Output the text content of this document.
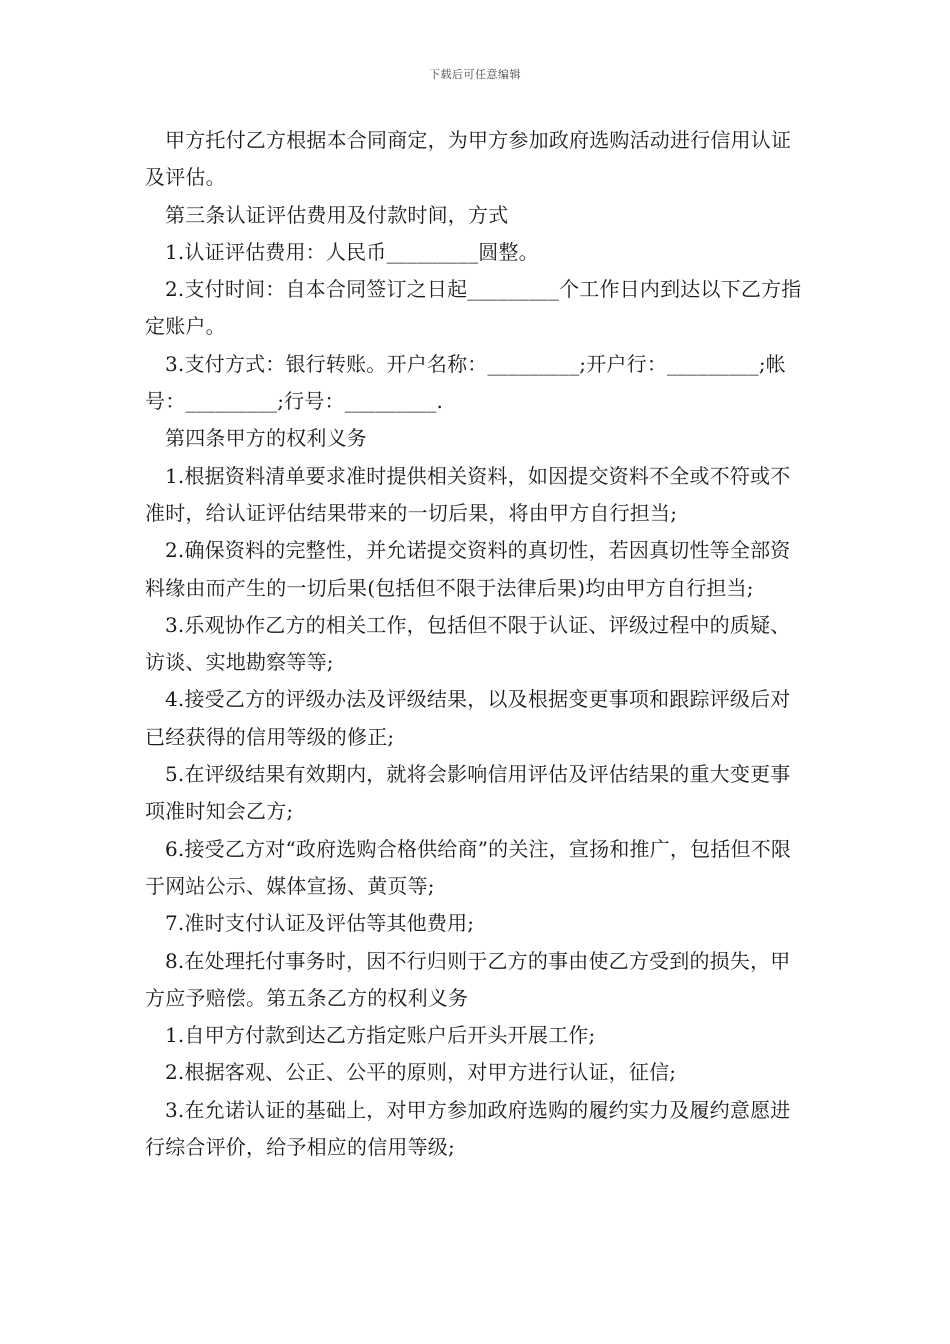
下载后可任意编辑

甲方托付乙方根据本合同商定，为甲方参加政府选购活动进行信用认证及评估。

第三条认证评估费用及付款时间，方式

1.认证评估费用：人民币_________圆整。

2.支付时间：自本合同签订之日起_________个工作日内到达以下乙方指定账户。

3.支付方式：银行转账。开户名称：_________;开户行：_________;帐号：_________;行号：_________.

第四条甲方的权利义务

1.根据资料清单要求准时提供相关资料，如因提交资料不全或不符或不准时，给认证评估结果带来的一切后果，将由甲方自行担当;

2.确保资料的完整性，并允诺提交资料的真切性，若因真切性等全部资料缘由而产生的一切后果(包括但不限于法律后果)均由甲方自行担当;

3.乐观协作乙方的相关工作，包括但不限于认证、评级过程中的质疑、访谈、实地勘察等等;

4.接受乙方的评级办法及评级结果，以及根据变更事项和跟踪评级后对已经获得的信用等级的修正;

5.在评级结果有效期内，就将会影响信用评估及评估结果的重大变更事项准时知会乙方;

6.接受乙方对“政府选购合格供给商”的关注，宣扬和推广，包括但不限于网站公示、媒体宣扬、黄页等;

7.准时支付认证及评估等其他费用;

8.在处理托付事务时，因不行归则于乙方的事由使乙方受到的损失，甲方应予赔偿。第五条乙方的权利义务

1.自甲方付款到达乙方指定账户后开头开展工作;

2.根据客观、公正、公平的原则，对甲方进行认证，征信;

3.在允诺认证的基础上，对甲方参加政府选购的履约实力及履约意愿进行综合评价，给予相应的信用等级;
